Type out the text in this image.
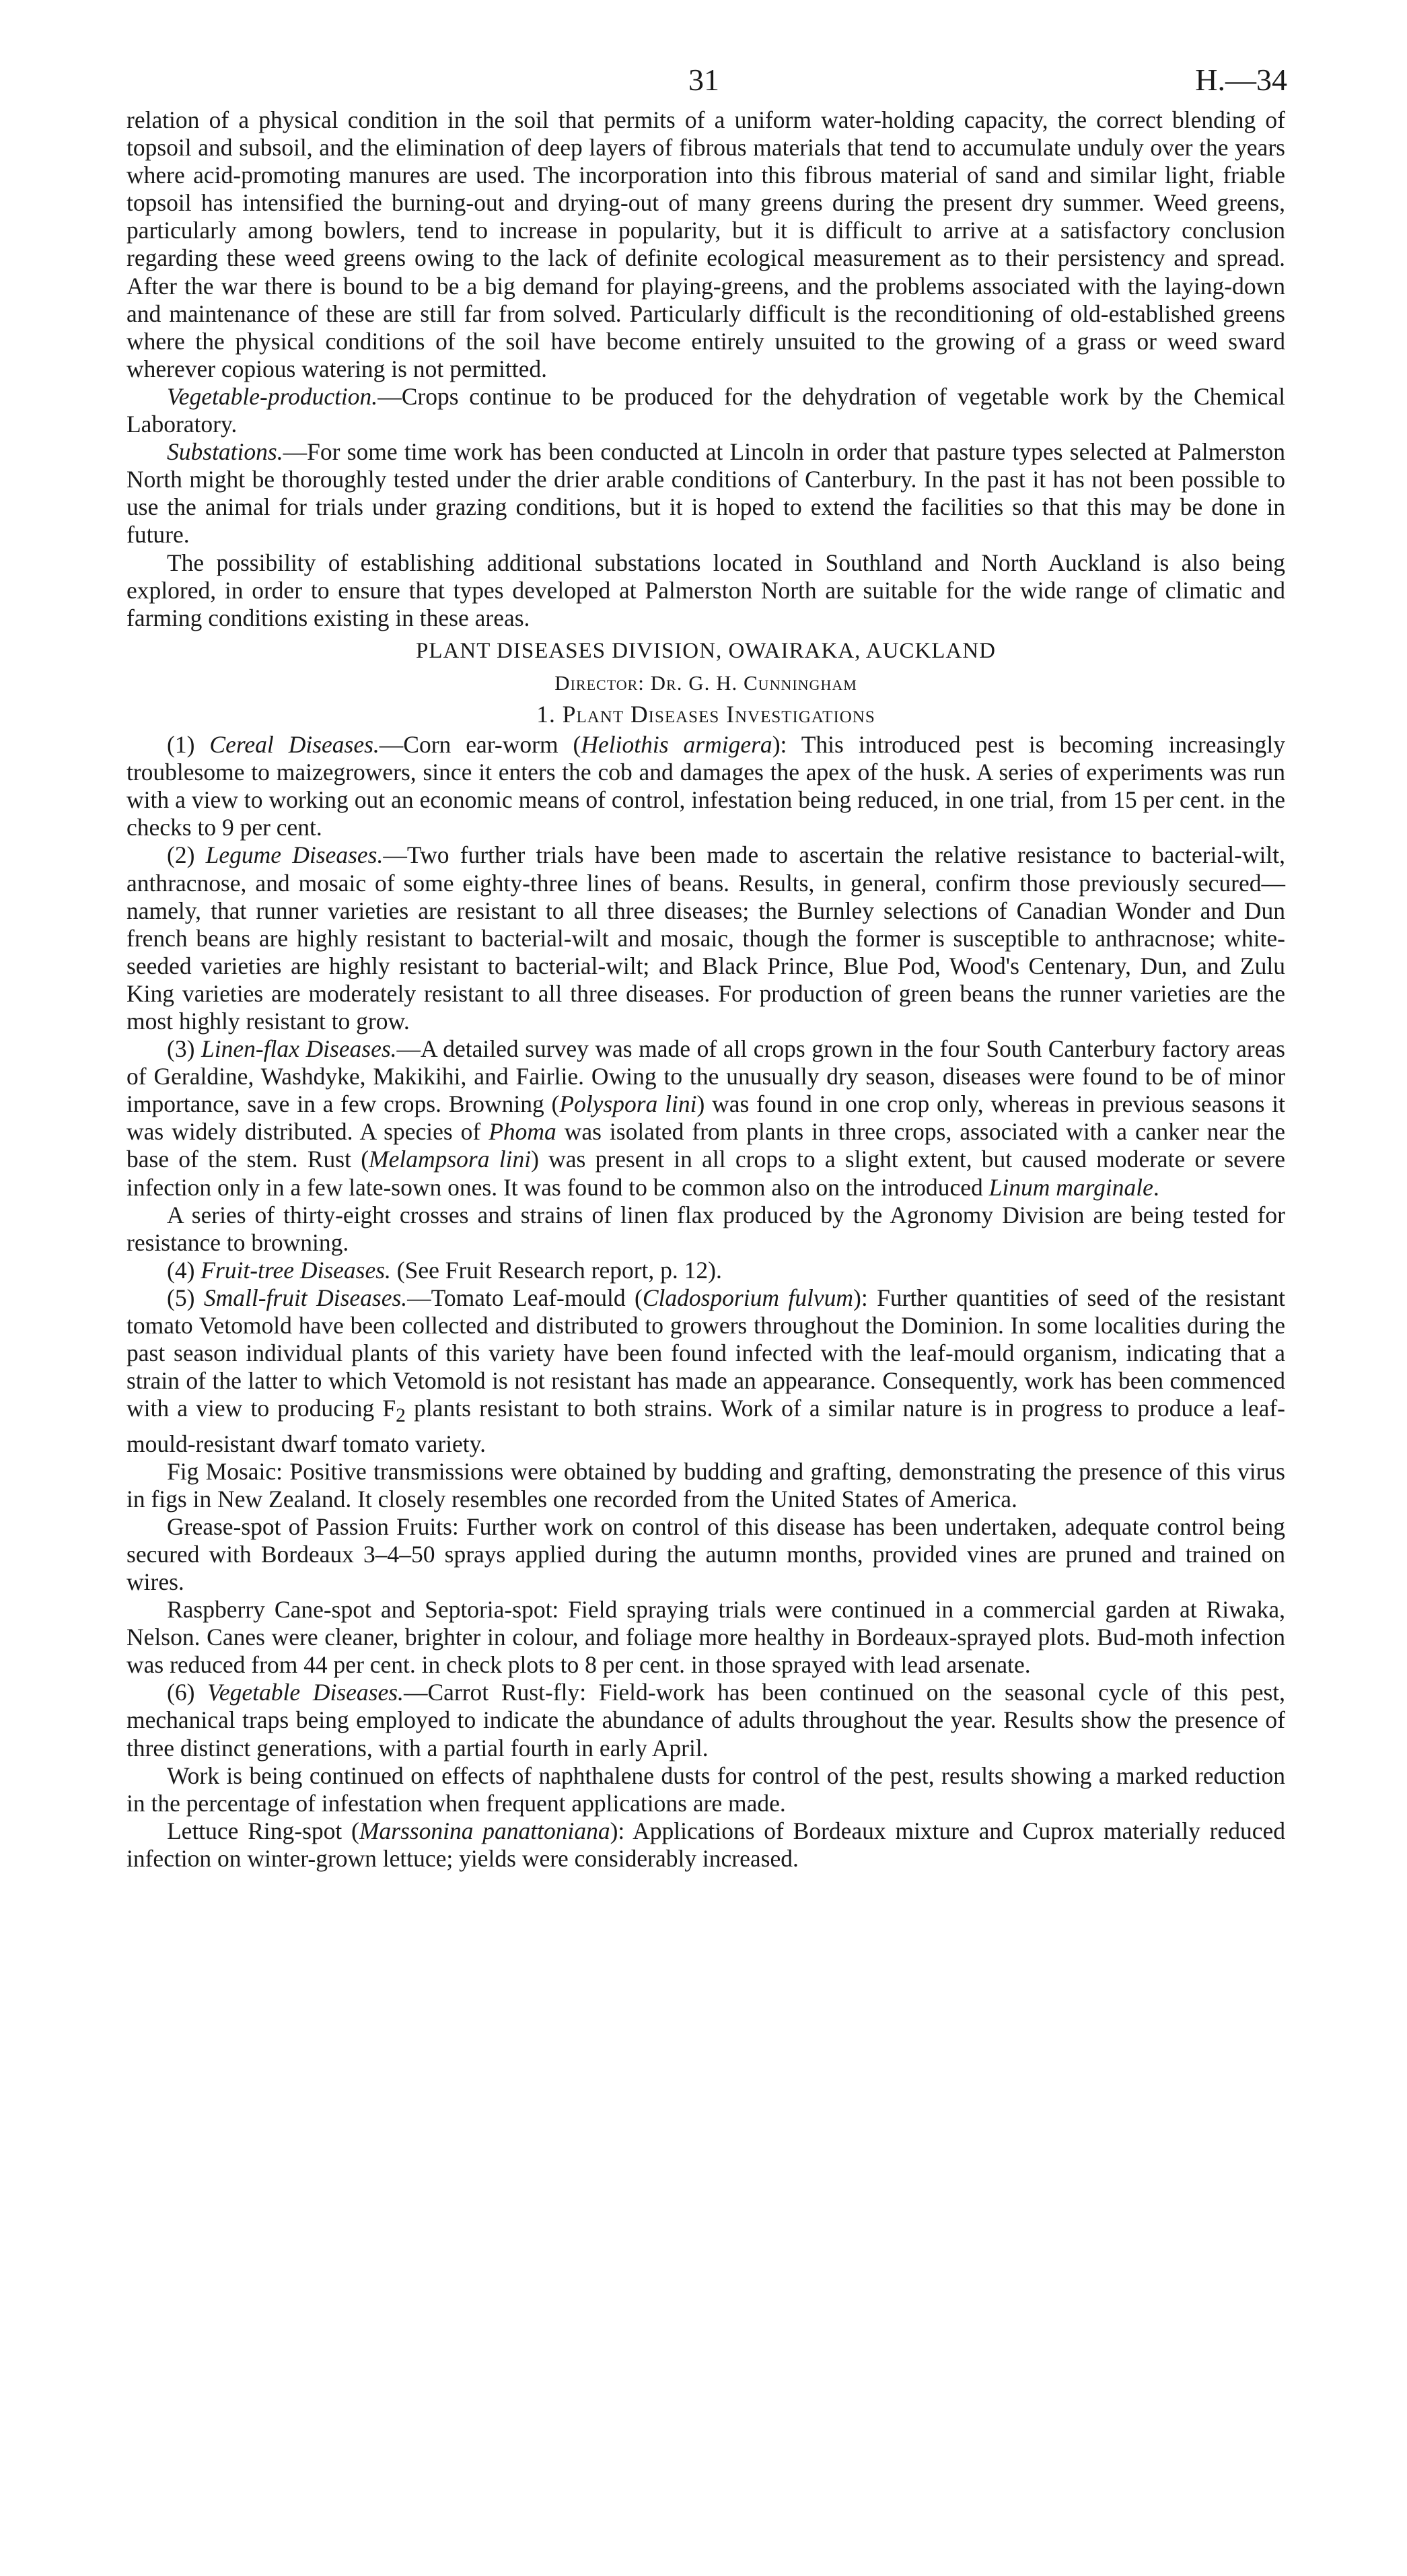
31	H.—34

relation of a physical condition in the soil that permits of a uniform water-holding capacity, the correct blending of topsoil and subsoil, and the elimination of deep layers of fibrous materials that tend to accumulate unduly over the years where acid-promoting manures are used. The incorporation into this fibrous material of sand and similar light, friable topsoil has intensified the burning-out and drying-out of many greens during the present dry summer. Weed greens, particularly among bowlers, tend to increase in popularity, but it is difficult to arrive at a satisfactory conclusion regarding these weed greens owing to the lack of definite ecological measurement as to their persistency and spread. After the war there is bound to be a big demand for playing-greens, and the problems associated with the laying-down and maintenance of these are still far from solved. Particularly difficult is the reconditioning of old-established greens where the physical conditions of the soil have become entirely unsuited to the growing of a grass or weed sward wherever copious watering is not permitted.

Vegetable-production.—Crops continue to be produced for the dehydration of vegetable work by the Chemical Laboratory.

Substations.—For some time work has been conducted at Lincoln in order that pasture types selected at Palmerston North might be thoroughly tested under the drier arable conditions of Canterbury. In the past it has not been possible to use the animal for trials under grazing conditions, but it is hoped to extend the facilities so that this may be done in future.

The possibility of establishing additional substations located in Southland and North Auckland is also being explored, in order to ensure that types developed at Palmerston North are suitable for the wide range of climatic and farming conditions existing in these areas.

PLANT DISEASES DIVISION, OWAIRAKA, AUCKLAND

Director: Dr. G. H. Cunningham

1. Plant Diseases Investigations

(1) Cereal Diseases.—Corn ear-worm (Heliothis armigera): This introduced pest is becoming increasingly troublesome to maizegrowers, since it enters the cob and damages the apex of the husk. A series of experiments was run with a view to working out an economic means of control, infestation being reduced, in one trial, from 15 per cent. in the checks to 9 per cent.

(2) Legume Diseases.—Two further trials have been made to ascertain the relative resistance to bacterial-wilt, anthracnose, and mosaic of some eighty-three lines of beans. Results, in general, confirm those previously secured—namely, that runner varieties are resistant to all three diseases; the Burnley selections of Canadian Wonder and Dun french beans are highly resistant to bacterial-wilt and mosaic, though the former is susceptible to anthracnose; white-seeded varieties are highly resistant to bacterial-wilt; and Black Prince, Blue Pod, Wood's Centenary, Dun, and Zulu King varieties are moderately resistant to all three diseases. For production of green beans the runner varieties are the most highly resistant to grow.

(3) Linen-flax Diseases.—A detailed survey was made of all crops grown in the four South Canterbury factory areas of Geraldine, Washdyke, Makikihi, and Fairlie. Owing to the unusually dry season, diseases were found to be of minor importance, save in a few crops. Browning (Polyspora lini) was found in one crop only, whereas in previous seasons it was widely distributed. A species of Phoma was isolated from plants in three crops, associated with a canker near the base of the stem. Rust (Melampsora lini) was present in all crops to a slight extent, but caused moderate or severe infection only in a few late-sown ones. It was found to be common also on the introduced Linum marginale.

A series of thirty-eight crosses and strains of linen flax produced by the Agronomy Division are being tested for resistance to browning.

(4) Fruit-tree Diseases. (See Fruit Research report, p. 12).

(5) Small-fruit Diseases.—Tomato Leaf-mould (Cladosporium fulvum): Further quantities of seed of the resistant tomato Vetomold have been collected and distributed to growers throughout the Dominion. In some localities during the past season individual plants of this variety have been found infected with the leaf-mould organism, indicating that a strain of the latter to which Vetomold is not resistant has made an appearance. Consequently, work has been commenced with a view to producing $F_2$ plants resistant to both strains. Work of a similar nature is in progress to produce a leaf-mould-resistant dwarf tomato variety.

Fig Mosaic: Positive transmissions were obtained by budding and grafting, demonstrating the presence of this virus in figs in New Zealand. It closely resembles one recorded from the United States of America.

Grease-spot of Passion Fruits: Further work on control of this disease has been undertaken, adequate control being secured with Bordeaux 3–4–50 sprays applied during the autumn months, provided vines are pruned and trained on wires.

Raspberry Cane-spot and Septoria-spot: Field spraying trials were continued in a commercial garden at Riwaka, Nelson. Canes were cleaner, brighter in colour, and foliage more healthy in Bordeaux-sprayed plots. Bud-moth infection was reduced from 44 per cent. in check plots to 8 per cent. in those sprayed with lead arsenate.

(6) Vegetable Diseases.—Carrot Rust-fly: Field-work has been continued on the seasonal cycle of this pest, mechanical traps being employed to indicate the abundance of adults throughout the year. Results show the presence of three distinct generations, with a partial fourth in early April.

Work is being continued on effects of naphthalene dusts for control of the pest, results showing a marked reduction in the percentage of infestation when frequent applications are made.

Lettuce Ring-spot (Marssonina panattoniana): Applications of Bordeaux mixture and Cuprox materially reduced infection on winter-grown lettuce; yields were considerably increased.
